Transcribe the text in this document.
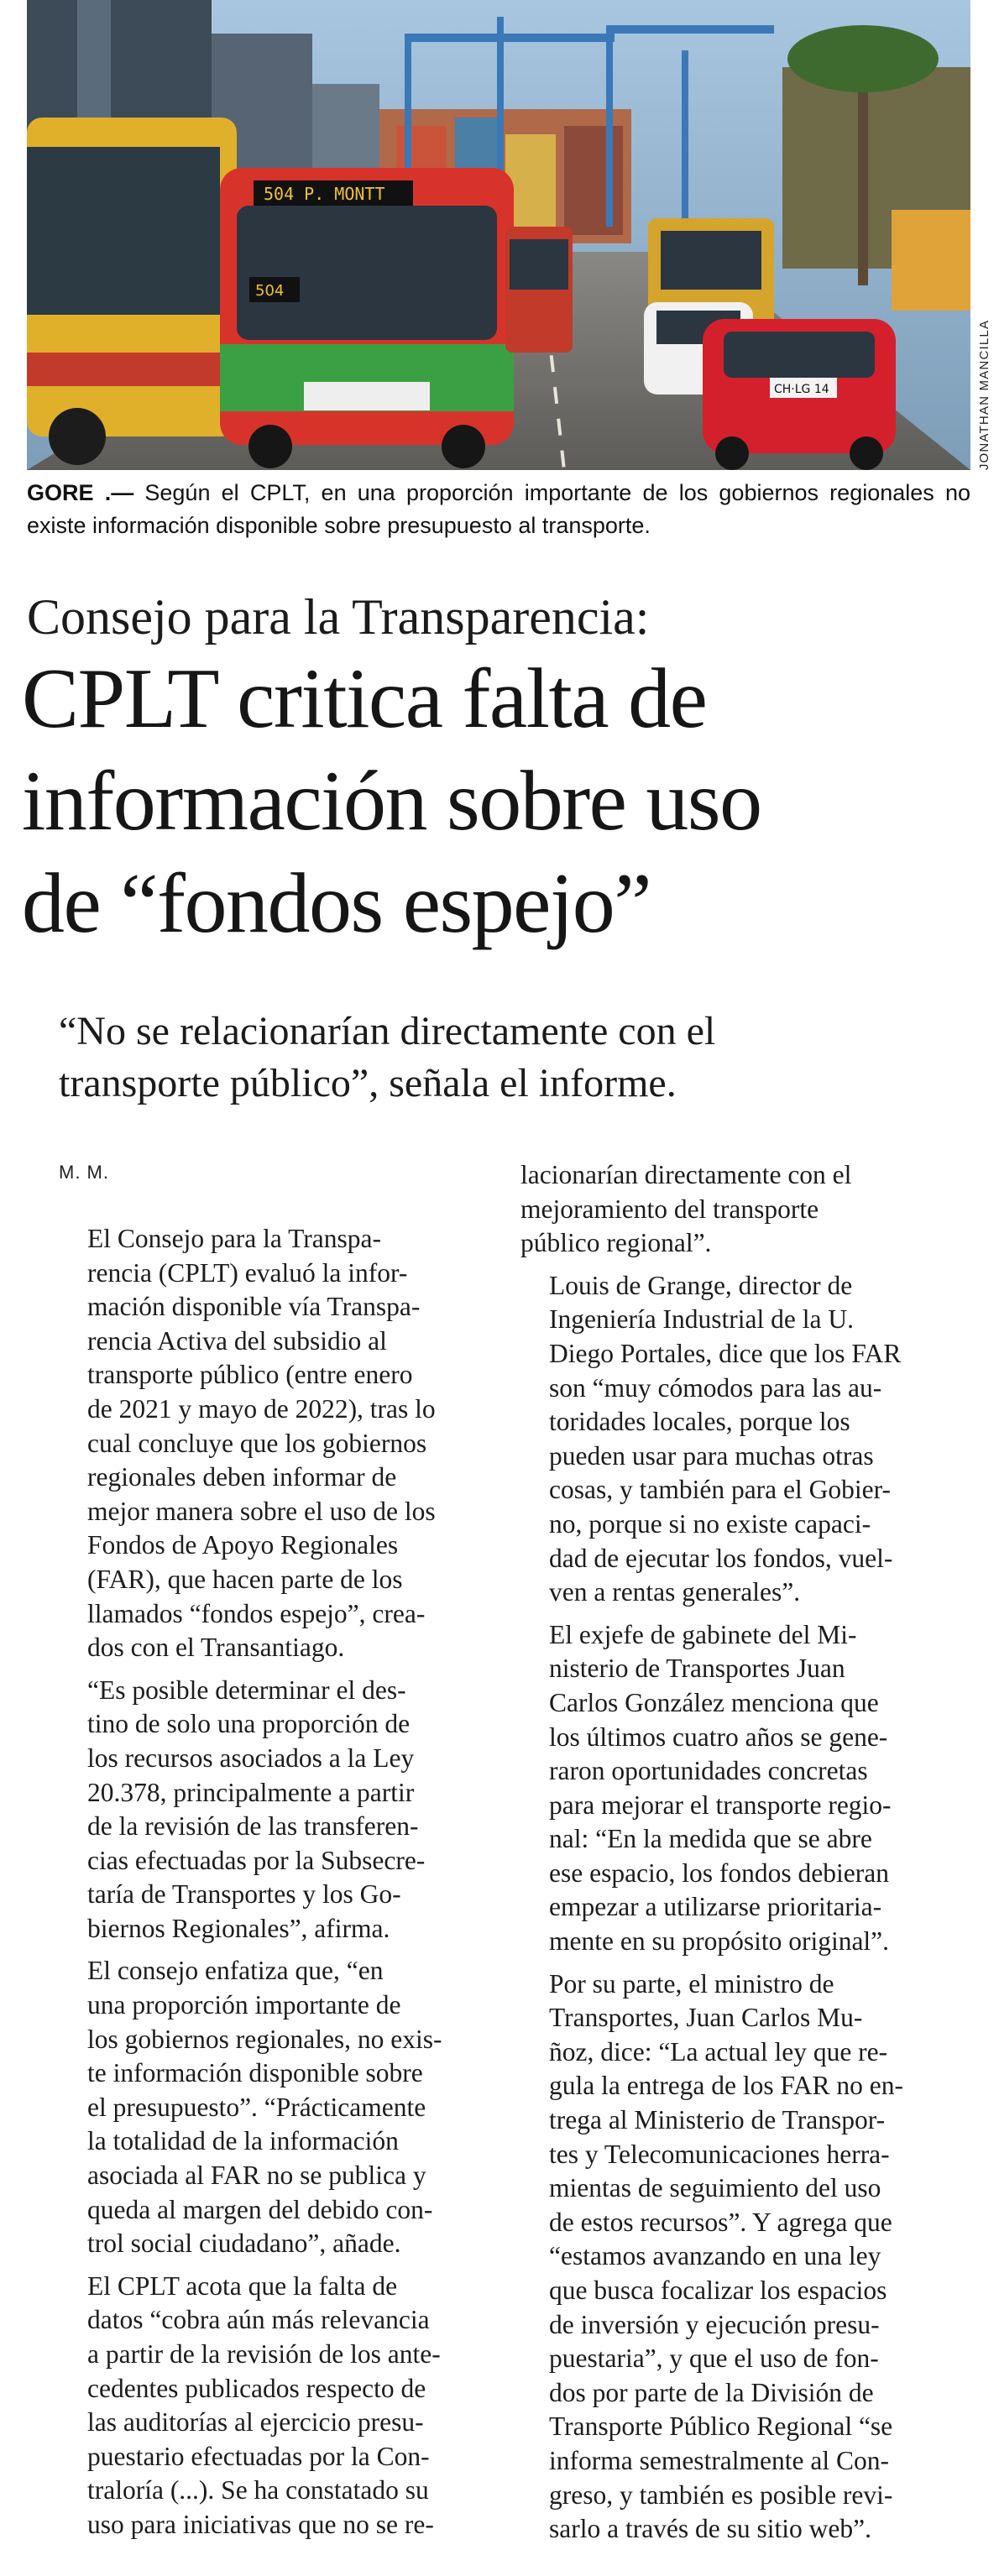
504 P. MONTT
504
CH·LG 14	JONATHAN MANCILLA
GORE .— Según el CPLT, en una proporción importante de los gobiernos regionales no existe información disponible sobre presupuesto al transporte.
Consejo para la Transparencia:
CPLT critica falta de
información sobre uso
de “fondos espejo”
“No se relacionarían directamente con el
transporte público”, señala el informe.
M. M.

El Consejo para la Transpa-
rencia (CPLT) evaluó la infor-
mación disponible vía Transpa-
rencia Activa del subsidio al
transporte público (entre enero
de 2021 y mayo de 2022), tras lo
cual concluye que los gobiernos
regionales deben informar de
mejor manera sobre el uso de los
Fondos de Apoyo Regionales
(FAR), que hacen parte de los
llamados “fondos espejo”, crea-
dos con el Transantiago.

“Es posible determinar el des-
tino de solo una proporción de
los recursos asociados a la Ley
20.378, principalmente a partir
de la revisión de las transferen-
cias efectuadas por la Subsecre-
taría de Transportes y los Go-
biernos Regionales”, afirma.

El consejo enfatiza que, “en
una proporción importante de
los gobiernos regionales, no exis-
te información disponible sobre
el presupuesto”. “Prácticamente
la totalidad de la información
asociada al FAR no se publica y
queda al margen del debido con-
trol social ciudadano”, añade.

El CPLT acota que la falta de
datos “cobra aún más relevancia
a partir de la revisión de los ante-
cedentes publicados respecto de
las auditorías al ejercicio presu-
puestario efectuadas por la Con-
traloría (...). Se ha constatado su
uso para iniciativas que no se re-

lacionarían directamente con el
mejoramiento del transporte
público regional”.

Louis de Grange, director de
Ingeniería Industrial de la U.
Diego Portales, dice que los FAR
son “muy cómodos para las au-
toridades locales, porque los
pueden usar para muchas otras
cosas, y también para el Gobier-
no, porque si no existe capaci-
dad de ejecutar los fondos, vuel-
ven a rentas generales”.

El exjefe de gabinete del Mi-
nisterio de Transportes Juan
Carlos González menciona que
los últimos cuatro años se gene-
raron oportunidades concretas
para mejorar el transporte regio-
nal: “En la medida que se abre
ese espacio, los fondos debieran
empezar a utilizarse prioritaria-
mente en su propósito original”.

Por su parte, el ministro de
Transportes, Juan Carlos Mu-
ñoz, dice: “La actual ley que re-
gula la entrega de los FAR no en-
trega al Ministerio de Transpor-
tes y Telecomunicaciones herra-
mientas de seguimiento del uso
de estos recursos”. Y agrega que
“estamos avanzando en una ley
que busca focalizar los espacios
de inversión y ejecución presu-
puestaria”, y que el uso de fon-
dos por parte de la División de
Transporte Público Regional “se
informa semestralmente al Con-
greso, y también es posible revi-
sarlo a través de su sitio web”.
